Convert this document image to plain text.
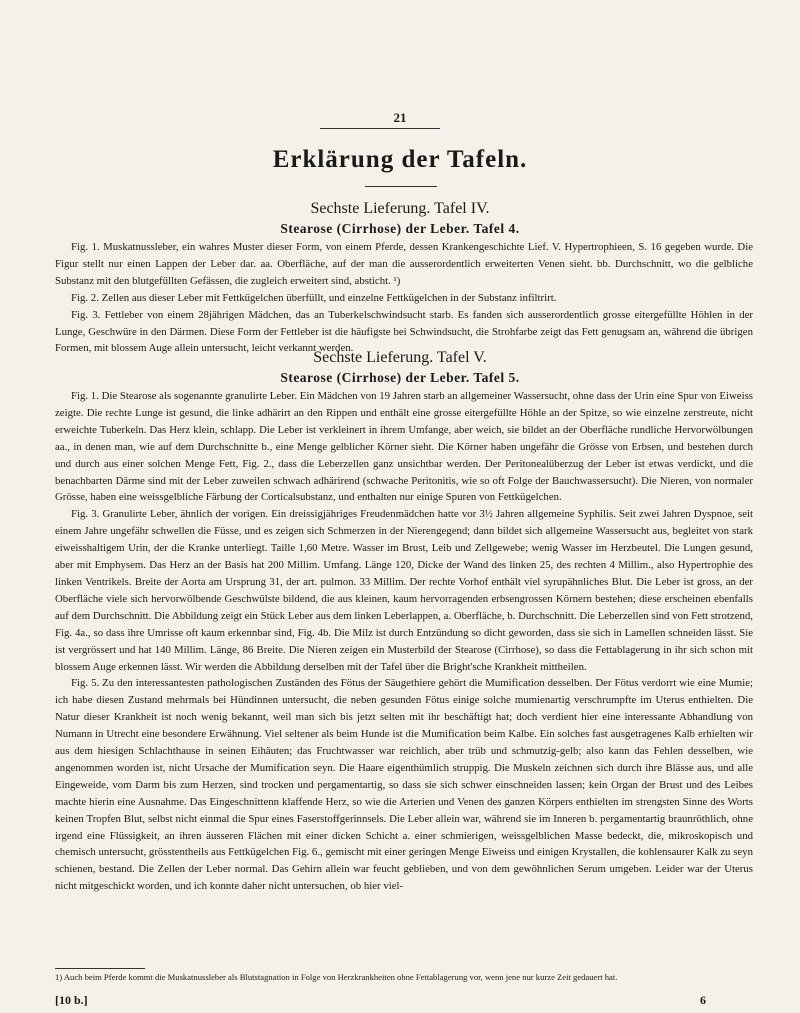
21
Erklärung der Tafeln.
Sechste Lieferung. Tafel IV.
Stearose (Cirrhose) der Leber. Tafel 4.

Fig. 1. Muskatnussleber, ein wahres Muster dieser Form, von einem Pferde, dessen Krankengeschichte Lief. V. Hypertrophieen, S. 16 gegeben wurde. Die Figur stellt nur einen Lappen der Leber dar. aa. Oberfläche, auf der man die ausserordentlich erweiterten Venen sieht. bb. Durchschnitt, wo die gelbliche Substanz mit den blutgefüllten Gefässen, die zugleich erweitert sind, absticht. ¹)

Fig. 2. Zellen aus dieser Leber mit Fettkügelchen überfüllt, und einzelne Fettkügelchen in der Substanz infiltrirt.

Fig. 3. Fettleber von einem 28jährigen Mädchen, das an Tuberkelschwindsucht starb. Es fanden sich ausserordentlich grosse eitergefüllte Höhlen in der Lunge, Geschwüre in den Därmen. Diese Form der Fettleber ist die häufigste bei Schwindsucht, die Strohfarbe zeigt das Fett genugsam an, während die übrigen Formen, mit blossem Auge allein untersucht, leicht verkannt werden.

Sechste Lieferung. Tafel V.
Stearose (Cirrhose) der Leber. Tafel 5.

Fig. 1. Die Stearose als sogenannte granulirte Leber. Ein Mädchen von 19 Jahren starb an allgemeiner Wassersucht, ohne dass der Urin eine Spur von Eiweiss zeigte. Die rechte Lunge ist gesund, die linke adhärirt an den Rippen und enthält eine grosse eitergefüllte Höhle an der Spitze, so wie einzelne zerstreute, nicht erweichte Tuberkeln. Das Herz klein, schlapp. Die Leber ist verkleinert in ihrem Umfange, aber weich, sie bildet an der Oberfläche rundliche Hervorwölbungen aa., in denen man, wie auf dem Durchschnitte b., eine Menge gelblicher Körner sieht. Die Körner haben ungefähr die Grösse von Erbsen, und bestehen durch und durch aus einer solchen Menge Fett, Fig. 2., dass die Leberzellen ganz unsichtbar werden. Der Peritonealüberzug der Leber ist etwas verdickt, und die benachbarten Därme sind mit der Leber zuweilen schwach adhärirend (schwache Peritonitis, wie so oft Folge der Bauchwassersucht). Die Nieren, von normaler Grösse, haben eine weissgelbliche Färbung der Corticalsubstanz, und enthalten nur einige Spuren von Fettkügelchen.

Fig. 3. Granulirte Leber, ähnlich der vorigen. Ein dreissigjähriges Freudenmädchen hatte vor 3½ Jahren allgemeine Syphilis. Seit zwei Jahren Dyspnoe, seit einem Jahre ungefähr schwellen die Füsse, und es zeigen sich Schmerzen in der Nierengegend; dann bildet sich allgemeine Wassersucht aus, begleitet von stark eiweisshaltigem Urin, der die Kranke unterliegt. Taille 1,60 Metre. Wasser im Brust, Leib und Zellgewebe; wenig Wasser im Herzbeutel. Die Lungen gesund, aber mit Emphysem. Das Herz an der Basis hat 200 Millim. Umfang. Länge 120, Dicke der Wand des linken 25, des rechten 4 Millim., also Hypertrophie des linken Ventrikels. Breite der Aorta am Ursprung 31, der art. pulmon. 33 Millim. Der rechte Vorhof enthält viel syrupähnliches Blut. Die Leber ist gross, an der Oberfläche viele sich hervorwölbende Geschwülste bildend, die aus kleinen, kaum hervorragenden erbsengrossen Körnern bestehen; diese erscheinen ebenfalls auf dem Durchschnitt. Die Abbildung zeigt ein Stück Leber aus dem linken Leberlappen, a. Oberfläche, b. Durchschnitt. Die Leberzellen sind von Fett strotzend, Fig. 4a., so dass ihre Umrisse oft kaum erkennbar sind, Fig. 4b. Die Milz ist durch Entzündung so dicht geworden, dass sie sich in Lamellen schneiden lässt. Sie ist vergrössert und hat 140 Millim. Länge, 86 Breite. Die Nieren zeigen ein Musterbild der Stearose (Cirrhose), so dass die Fettablagerung in ihr sich schon mit blossem Auge erkennen lässt. Wir werden die Abbildung derselben mit der Tafel über die Bright'sche Krankheit mittheilen.

Fig. 5. Zu den interessantesten pathologischen Zuständen des Fötus der Säugethiere gehört die Mumification desselben. Der Fötus verdorrt wie eine Mumie; ich habe diesen Zustand mehrmals bei Hündinnen untersucht, die neben gesunden Fötus einige solche mumienartig verschrumpfte im Uterus enthielten. Die Natur dieser Krankheit ist noch wenig bekannt, weil man sich bis jetzt selten mit ihr beschäftigt hat; doch verdient hier eine interessante Abhandlung von Numann in Utrecht eine besondere Erwähnung. Viel seltener als beim Hunde ist die Mumification beim Kalbe. Ein solches fast ausgetragenes Kalb erhielten wir aus dem hiesigen Schlachthause in seinen Eihäuten; das Fruchtwasser war reichlich, aber trüb und schmutzig-gelb; also kann das Fehlen desselben, wie angenommen worden ist, nicht Ursache der Mumification seyn. Die Haare eigenthümlich struppig. Die Muskeln zeichnen sich durch ihre Blässe aus, und alle Eingeweide, vom Darm bis zum Herzen, sind trocken und pergamentartig, so dass sie sich schwer einschneiden lassen; kein Organ der Brust und des Leibes machte hierin eine Ausnahme. Das Eingeschnittenn klaffende Herz, so wie die Arterien und Venen des ganzen Körpers enthielten im strengsten Sinne des Worts keinen Tropfen Blut, selbst nicht einmal die Spur eines Faserstoffgerinnsels. Die Leber allein war, während sie im Inneren b. pergamentartig braunröthlich, ohne irgend eine Flüssigkeit, an ihren äusseren Flächen mit einer dicken Schicht a. einer schmierigen, weissgelblichen Masse bedeckt, die, mikroskopisch und chemisch untersucht, grösstentheils aus Fettkügelchen Fig. 6., gemischt mit einer geringen Menge Eiweiss und einigen Krystallen, die kohlensaurer Kalk zu seyn schienen, bestand. Die Zellen der Leber normal. Das Gehirn allein war feucht geblieben, und von dem gewöhnlichen Serum umgeben. Leider war der Uterus nicht mitgeschickt worden, und ich konnte daher nicht untersuchen, ob hier viel-

1) Auch beim Pferde kommt die Muskatnussleber als Blutstagnation in Folge von Herzkrankheiten ohne Fettablagerung vor, wenn jene nur kurze Zeit gedauert hat.
[10 b.]	6
